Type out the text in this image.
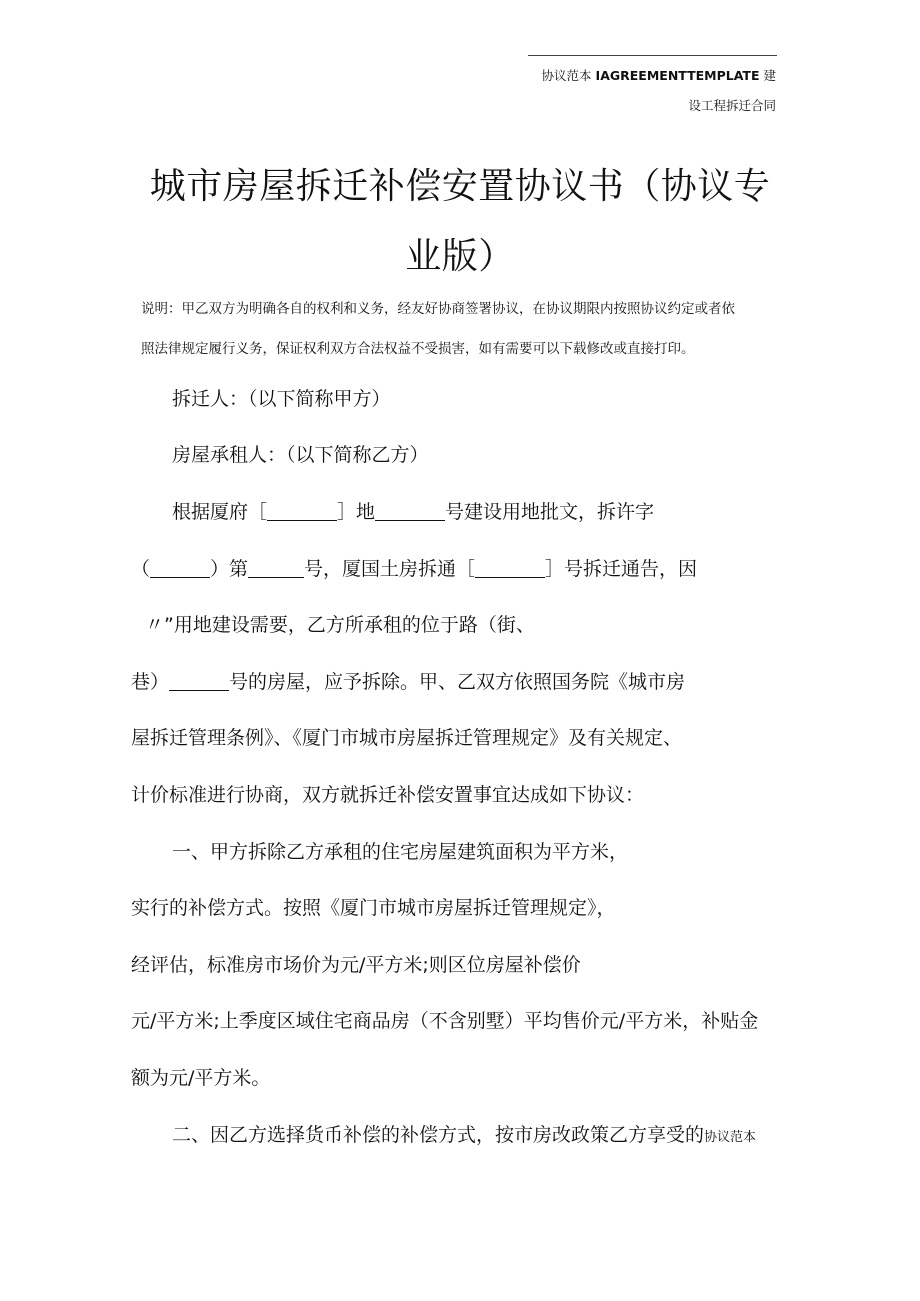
协议范本 IAGREEMENTTEMPLATE 建
设工程拆迁合同
城市房屋拆迁补偿安置协议书（协议专
业版）
说明：甲乙双方为明确各自的权利和义务，经友好协商签署协议，在协议期限内按照协议约定或者依
照法律规定履行义务，保证权利双方合法权益不受损害，如有需要可以下载修改或直接打印。
拆迁人：（以下简称甲方）
房屋承租人：（以下简称乙方）
根据厦府［	］地	号建设用地批文，拆许字
（	）第	号，厦国土房拆通［	］号拆迁通告，因
〃”用地建设需要，乙方所承租的位于路（街、
巷）	号的房屋，应予拆除。甲、乙双方依照国务院《城市房
屋拆迁管理条例》、《厦门市城市房屋拆迁管理规定》及有关规定、
计价标准进行协商，双方就拆迁补偿安置事宜达成如下协议：
一、甲方拆除乙方承租的住宅房屋建筑面积为平方米，
实行的补偿方式。按照《厦门市城市房屋拆迁管理规定》，
经评估，标准房市场价为元/平方米;则区位房屋补偿价
元/平方米;上季度区域住宅商品房（不含别墅）平均售价元/平方米，补贴金
额为元/平方米。
二、因乙方选择货币补偿的补偿方式，按市房改政策乙方享受的协议范本
